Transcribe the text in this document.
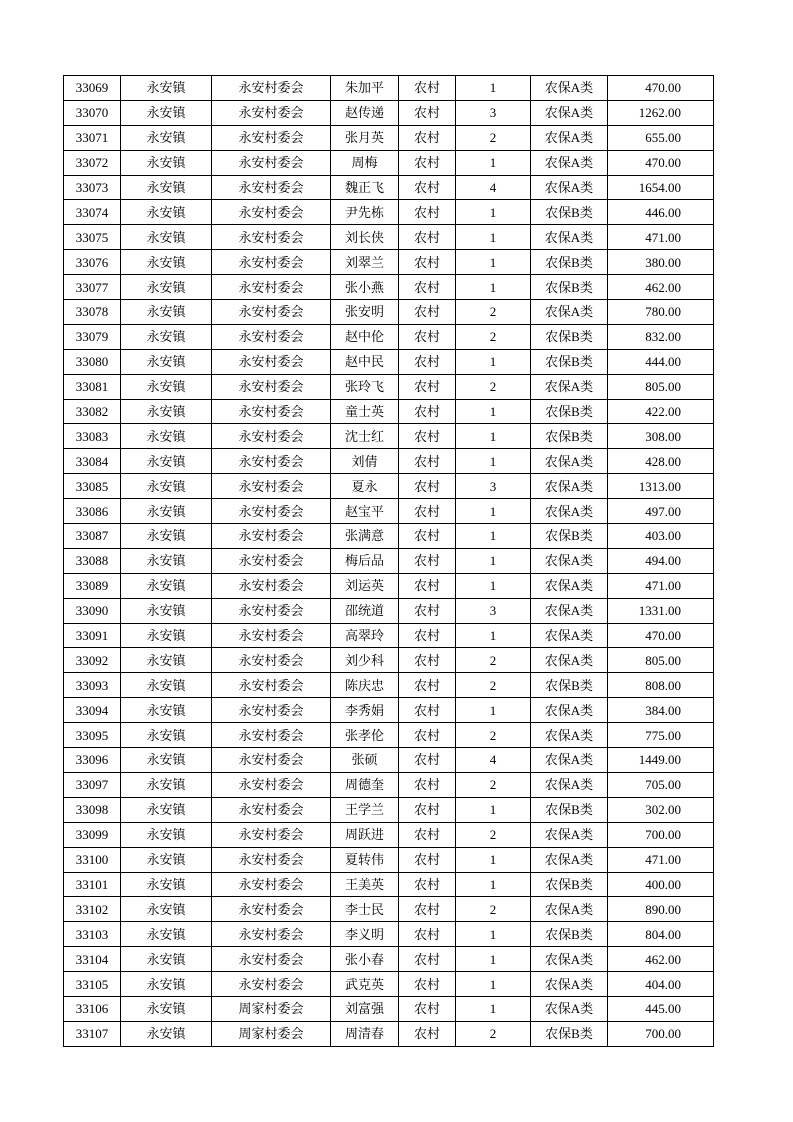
33069	永安镇	永安村委会	朱加平	农村	1	农保A类	470.00
33070	永安镇	永安村委会	赵传递	农村	3	农保A类	1262.00
33071	永安镇	永安村委会	张月英	农村	2	农保A类	655.00
33072	永安镇	永安村委会	周梅	农村	1	农保A类	470.00
33073	永安镇	永安村委会	魏正飞	农村	4	农保A类	1654.00
33074	永安镇	永安村委会	尹先栋	农村	1	农保B类	446.00
33075	永安镇	永安村委会	刘长侠	农村	1	农保A类	471.00
33076	永安镇	永安村委会	刘翠兰	农村	1	农保B类	380.00
33077	永安镇	永安村委会	张小燕	农村	1	农保B类	462.00
33078	永安镇	永安村委会	张安明	农村	2	农保A类	780.00
33079	永安镇	永安村委会	赵中伦	农村	2	农保B类	832.00
33080	永安镇	永安村委会	赵中民	农村	1	农保B类	444.00
33081	永安镇	永安村委会	张玲飞	农村	2	农保A类	805.00
33082	永安镇	永安村委会	童士英	农村	1	农保B类	422.00
33083	永安镇	永安村委会	沈士红	农村	1	农保B类	308.00
33084	永安镇	永安村委会	刘倩	农村	1	农保A类	428.00
33085	永安镇	永安村委会	夏永	农村	3	农保A类	1313.00
33086	永安镇	永安村委会	赵宝平	农村	1	农保A类	497.00
33087	永安镇	永安村委会	张满意	农村	1	农保B类	403.00
33088	永安镇	永安村委会	梅后品	农村	1	农保A类	494.00
33089	永安镇	永安村委会	刘运英	农村	1	农保A类	471.00
33090	永安镇	永安村委会	邵统道	农村	3	农保A类	1331.00
33091	永安镇	永安村委会	高翠玲	农村	1	农保A类	470.00
33092	永安镇	永安村委会	刘少科	农村	2	农保A类	805.00
33093	永安镇	永安村委会	陈庆忠	农村	2	农保B类	808.00
33094	永安镇	永安村委会	李秀娟	农村	1	农保A类	384.00
33095	永安镇	永安村委会	张孝伦	农村	2	农保A类	775.00
33096	永安镇	永安村委会	张硕	农村	4	农保A类	1449.00
33097	永安镇	永安村委会	周德奎	农村	2	农保A类	705.00
33098	永安镇	永安村委会	王学兰	农村	1	农保B类	302.00
33099	永安镇	永安村委会	周跃进	农村	2	农保A类	700.00
33100	永安镇	永安村委会	夏转伟	农村	1	农保A类	471.00
33101	永安镇	永安村委会	王美英	农村	1	农保B类	400.00
33102	永安镇	永安村委会	李士民	农村	2	农保A类	890.00
33103	永安镇	永安村委会	李义明	农村	1	农保B类	804.00
33104	永安镇	永安村委会	张小春	农村	1	农保A类	462.00
33105	永安镇	永安村委会	武克英	农村	1	农保A类	404.00
33106	永安镇	周家村委会	刘富强	农村	1	农保A类	445.00
33107	永安镇	周家村委会	周清春	农村	2	农保B类	700.00
